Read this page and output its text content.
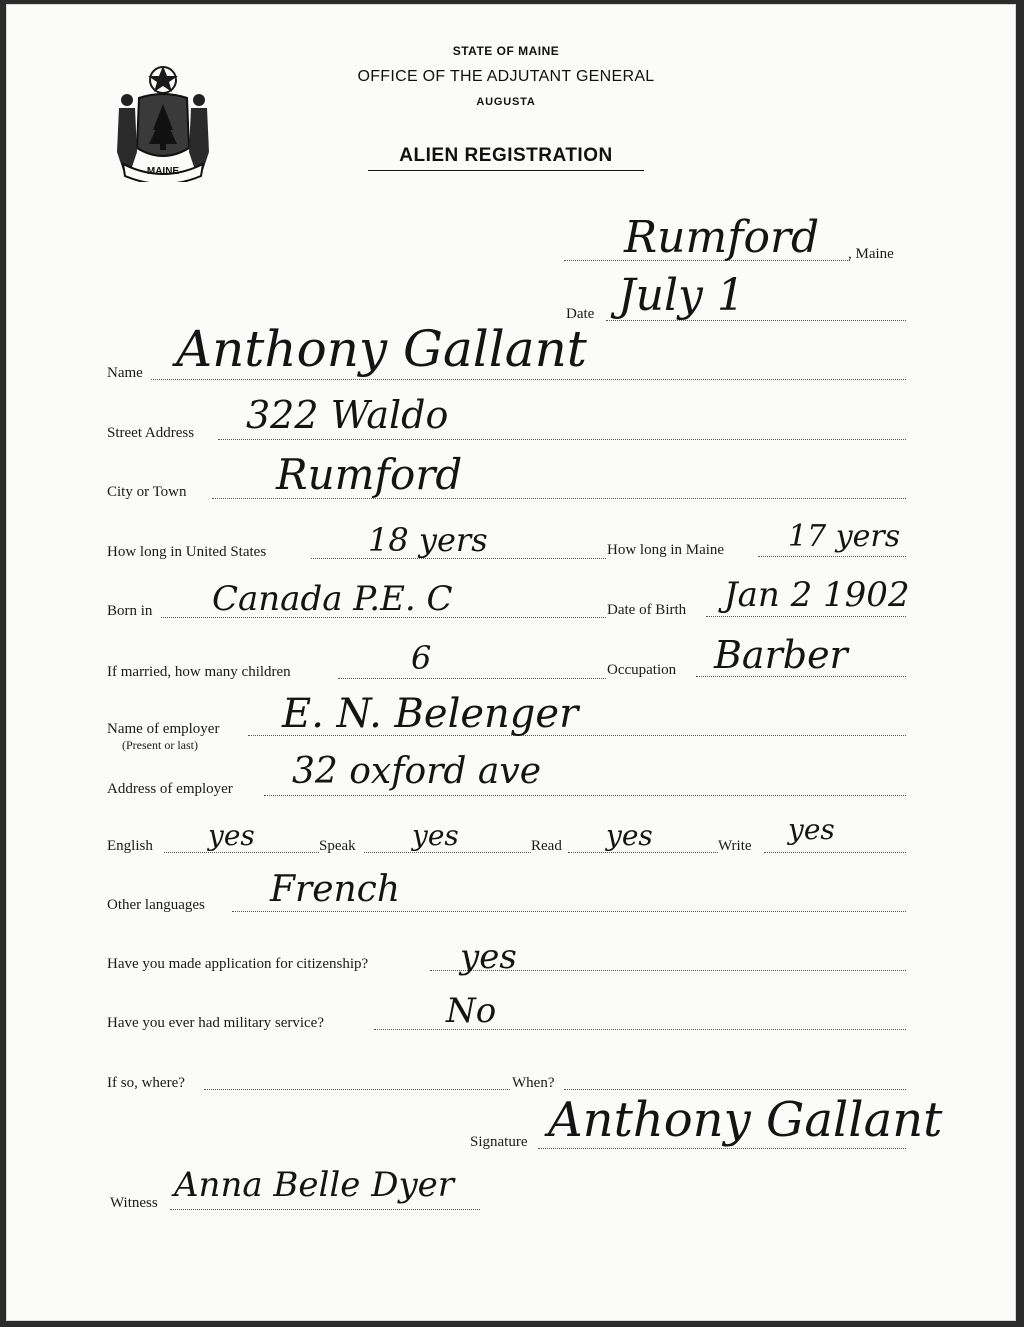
MAINE
STATE OF MAINE
OFFICE OF THE ADJUTANT GENERAL
AUGUSTA
ALIEN REGISTRATION
, Maine
Rumford
Date July 1
Name Anthony Gallant
Street Address 322 Waldo
City or Town Rumford
How long in United States	18 yers	How long in Maine 17 yers
Born in Canada P.E. C	Date of Birth Jan 2 1902
If married, how many children	6	Occupation Barber
Name of employer
(Present or last)
E. N. Belenger
Address of employer 32 oxford ave
English yes	Speak yes	Read yes	Write yes
Other languages French
Have you made application for citizenship?	yes
Have you ever had military service?	No
If so, where?	When?
Signature Anthony Gallant
Witness Anna Belle Dyer
